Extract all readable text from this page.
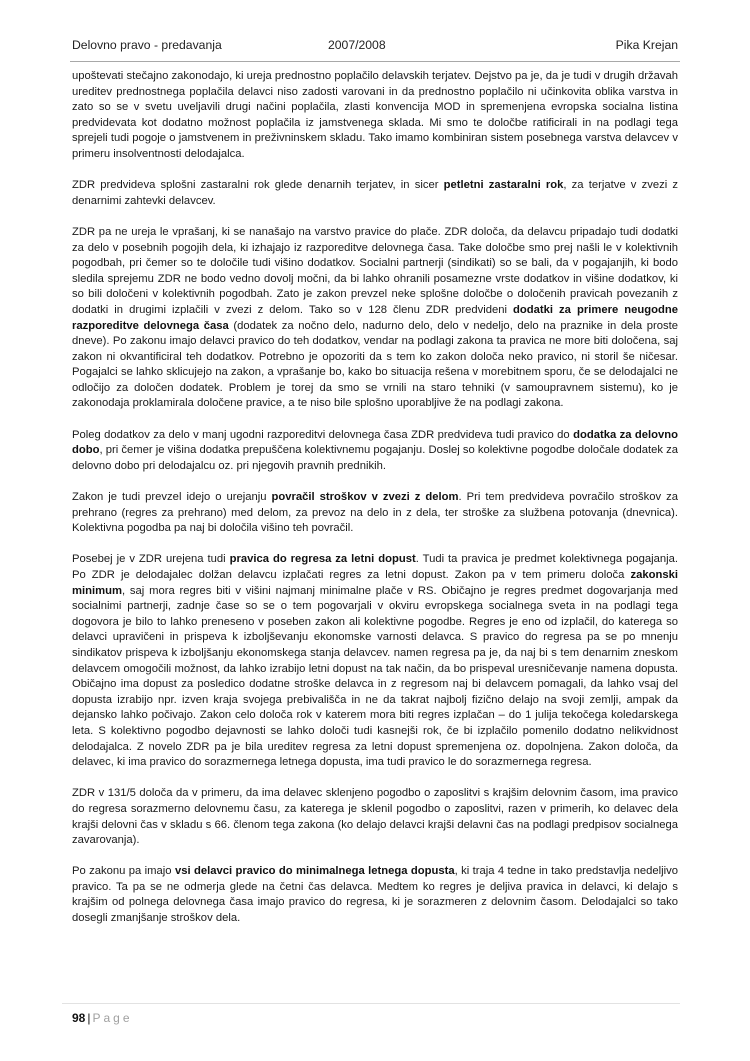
Delovno pravo - predavanja	2007/2008	Pika Krejan

upoštevati stečajno zakonodajo, ki ureja prednostno poplačilo delavskih terjatev. Dejstvo pa je, da je tudi v drugih državah ureditev prednostnega poplačila delavci niso zadosti varovani in da prednostno poplačilo ni učinkovita oblika varstva in zato so se v svetu uveljavili drugi načini poplačila, zlasti konvencija MOD in spremenjena evropska socialna listina predvidevata kot dodatno možnost poplačila iz jamstvenega sklada. Mi smo te določbe ratificirali in na podlagi tega sprejeli tudi pogoje o jamstvenem in preživninskem skladu. Tako imamo kombiniran sistem posebnega varstva delavcev v primeru insolventnosti delodajalca.

ZDR predvideva splošni zastaralni rok glede denarnih terjatev, in sicer petletni zastaralni rok, za terjatve v zvezi z denarnimi zahtevki delavcev.

ZDR pa ne ureja le vprašanj, ki se nanašajo na varstvo pravice do plače. ZDR določa, da delavcu pripadajo tudi dodatki za delo v posebnih pogojih dela, ki izhajajo iz razporeditve delovnega časa. Take določbe smo prej našli le v kolektivnih pogodbah, pri čemer so te določile tudi višino dodatkov. Socialni partnerji (sindikati) so se bali, da v pogajanjih, ki bodo sledila sprejemu ZDR ne bodo vedno dovolj močni, da bi lahko ohranili posamezne vrste dodatkov in višine dodatkov, ki so bili določeni v kolektivnih pogodbah. Zato je zakon prevzel neke splošne določbe o določenih pravicah povezanih z dodatki in drugimi izplačili v zvezi z delom. Tako so v 128 členu ZDR predvideni dodatki za primere neugodne razporeditve delovnega časa (dodatek za nočno delo, nadurno delo, delo v nedeljo, delo na praznike in dela proste dneve). Po zakonu imajo delavci pravico do teh dodatkov, vendar na podlagi zakona ta pravica ne more biti določena, saj zakon ni okvantificiral teh dodatkov. Potrebno je opozoriti da s tem ko zakon določa neko pravico, ni storil še ničesar. Pogajalci se lahko sklicujejo na zakon, a vprašanje bo, kako bo situacija rešena v morebitnem sporu, če se delodajalci ne odločijo za določen dodatek. Problem je torej da smo se vrnili na staro tehniki (v samoupravnem sistemu), ko je zakonodaja proklamirala določene pravice, a te niso bile splošno uporabljive že na podlagi zakona.

Poleg dodatkov za delo v manj ugodni razporeditvi delovnega časa ZDR predvideva tudi pravico do dodatka za delovno dobo, pri čemer je višina dodatka prepuščena kolektivnemu pogajanju. Doslej so kolektivne pogodbe določale dodatek za delovno dobo pri delodajalcu oz. pri njegovih pravnih prednikih.

Zakon je tudi prevzel idejo o urejanju povračil stroškov v zvezi z delom. Pri tem predvideva povračilo stroškov za prehrano (regres za prehrano) med delom, za prevoz na delo in z dela, ter stroške za službena potovanja (dnevnica). Kolektivna pogodba pa naj bi določila višino teh povračil.

Posebej je v ZDR urejena tudi pravica do regresa za letni dopust. Tudi ta pravica je predmet kolektivnega pogajanja. Po ZDR je delodajalec dolžan delavcu izplačati regres za letni dopust. Zakon pa v tem primeru določa zakonski minimum, saj mora regres biti v višini najmanj minimalne plače v RS. Običajno je regres predmet dogovarjanja med socialnimi partnerji, zadnje čase so se o tem pogovarjali v okviru evropskega socialnega sveta in na podlagi tega dogovora je bilo to lahko preneseno v poseben zakon ali kolektivne pogodbe. Regres je eno od izplačil, do katerega so delavci upravičeni in prispeva k izboljševanju ekonomske varnosti delavca. S pravico do regresa pa se po mnenju sindikatov prispeva k izboljšanju ekonomskega stanja delavcev. namen regresa pa je, da naj bi s tem denarnim zneskom delavcem omogočili možnost, da lahko izrabijo letni dopust na tak način, da bo prispeval uresničevanje namena dopusta. Običajno ima dopust za posledico dodatne stroške delavca in z regresom naj bi delavcem pomagali, da lahko vsaj del dopusta izrabijo npr. izven kraja svojega prebivališča in ne da takrat najbolj fizično delajo na svoji zemlji, ampak da dejansko lahko počivajo. Zakon celo določa rok v katerem mora biti regres izplačan – do 1 julija tekočega koledarskega leta. S kolektivno pogodbo dejavnosti se lahko določi tudi kasnejši rok, če bi izplačilo pomenilo dodatno nelikvidnost delodajalca. Z novelo ZDR pa je bila ureditev regresa za letni dopust spremenjena oz. dopolnjena. Zakon določa, da delavec, ki ima pravico do sorazmernega letnega dopusta, ima tudi pravico le do sorazmernega regresa.

ZDR v 131/5 določa da v primeru, da ima delavec sklenjeno pogodbo o zaposlitvi s krajšim delovnim časom, ima pravico do regresa sorazmerno delovnemu času, za katerega je sklenil pogodbo o zaposlitvi, razen v primerih, ko delavec dela krajši delovni čas v skladu s 66. členom tega zakona (ko delajo delavci krajši delavni čas na podlagi predpisov socialnega zavarovanja).

Po zakonu pa imajo vsi delavci pravico do minimalnega letnega dopusta, ki traja 4 tedne in tako predstavlja nedeljivo pravico. Ta pa se ne odmerja glede na četni čas delavca. Medtem ko regres je deljiva pravica in delavci, ki delajo s krajšim od polnega delovnega časa imajo pravico do regresa, ki je sorazmeren z delovnim časom. Delodajalci so tako dosegli zmanjšanje stroškov dela.

98 | Page
